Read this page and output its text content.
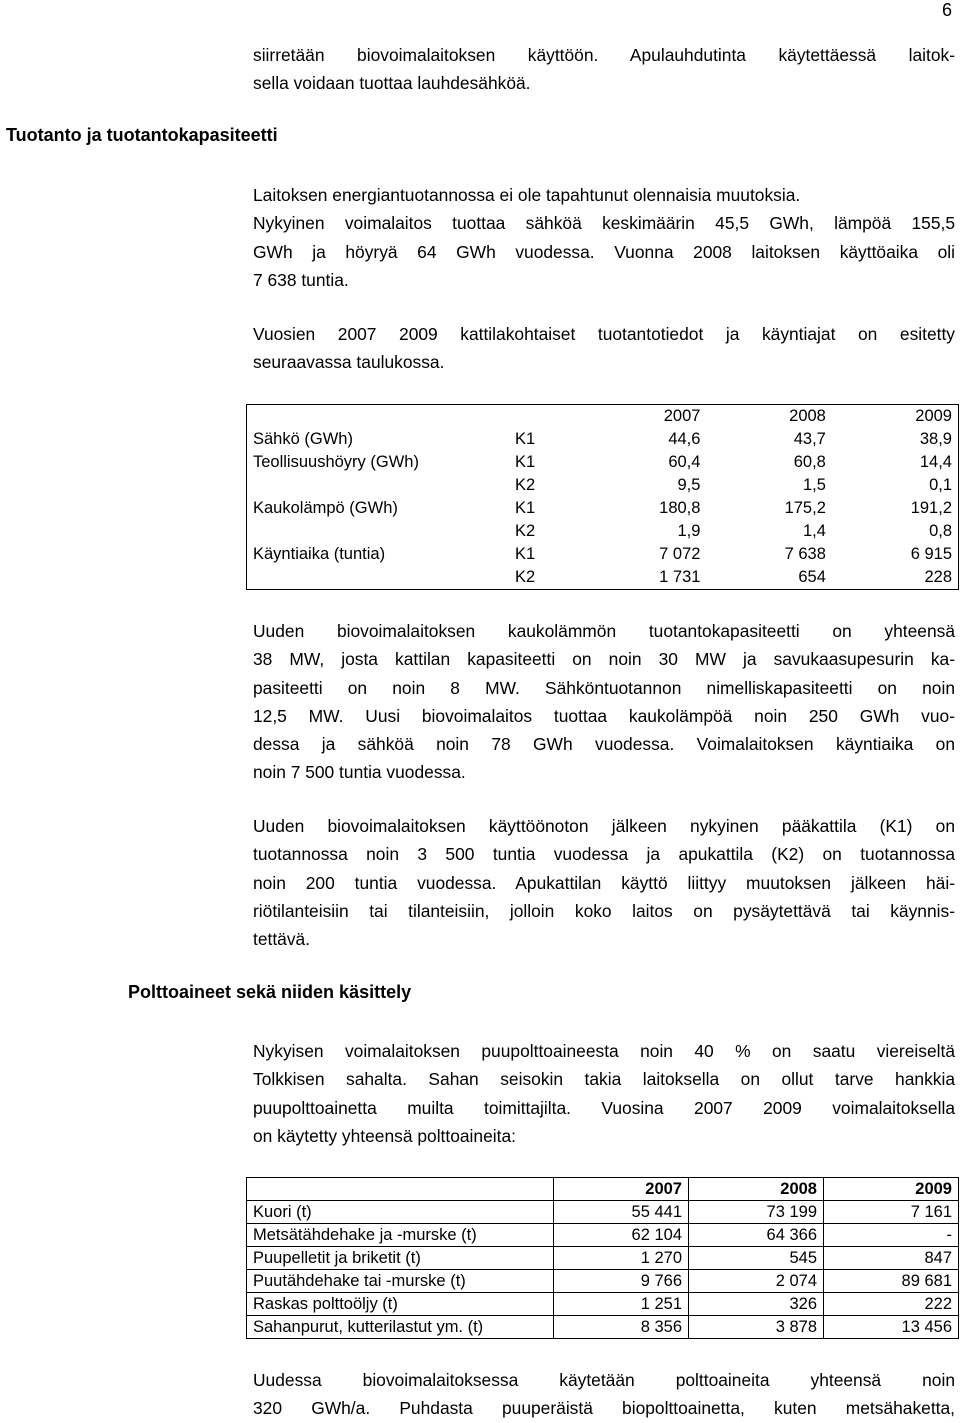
6
siirretään biovoimalaitoksen käyttöön. Apulauhdutinta käytettäessä laitok-
sella voidaan tuottaa lauhdesähköä.
Tuotanto ja tuotantokapasiteetti
Laitoksen energiantuotannossa ei ole tapahtunut olennaisia muutoksia.
Nykyinen voimalaitos tuottaa sähköä keskimäärin 45,5 GWh, lämpöä 155,5
GWh ja höyryä 64 GWh vuodessa. Vuonna 2008 laitoksen käyttöaika oli
7 638 tuntia.
Vuosien 2007 2009 kattilakohtaiset tuotantotiedot ja käyntiajat on esitetty
seuraavassa taulukossa.
		2007	2008	2009
Sähkö (GWh)	K1	44,6	43,7	38,9
Teollisuushöyry (GWh)	K1	60,4	60,8	14,4
	K2	9,5	1,5	0,1
Kaukolämpö (GWh)	K1	180,8	175,2	191,2
	K2	1,9	1,4	0,8
Käyntiaika (tuntia)	K1	7 072	7 638	6 915
	K2	1 731	654	228
Uuden biovoimalaitoksen kaukolämmön tuotantokapasiteetti on yhteensä
38 MW, josta kattilan kapasiteetti on noin 30 MW ja savukaasupesurin ka-
pasiteetti on noin 8 MW. Sähköntuotannon nimelliskapasiteetti on noin
12,5 MW. Uusi biovoimalaitos tuottaa kaukolämpöä noin 250 GWh vuo-
dessa ja sähköä noin 78 GWh vuodessa. Voimalaitoksen käyntiaika on
noin 7 500 tuntia vuodessa.
Uuden biovoimalaitoksen käyttöönoton jälkeen nykyinen pääkattila (K1) on
tuotannossa noin 3 500 tuntia vuodessa ja apukattila (K2) on tuotannossa
noin 200 tuntia vuodessa. Apukattilan käyttö liittyy muutoksen jälkeen häi-
riötilanteisiin tai tilanteisiin, jolloin koko laitos on pysäytettävä tai käynnis-
tettävä.
Polttoaineet sekä niiden käsittely
Nykyisen voimalaitoksen puupolttoaineesta noin 40 % on saatu viereiseltä
Tolkkisen sahalta. Sahan seisokin takia laitoksella on ollut tarve hankkia
puupolttoainetta muilta toimittajilta. Vuosina 2007 2009 voimalaitoksella
on käytetty yhteensä polttoaineita:
	2007	2008	2009
Kuori (t)	55 441	73 199	7 161
Metsätähdehake ja -murske (t)	62 104	64 366	-
Puupelletit ja briketit (t)	1 270	545	847
Puutähdehake tai -murske (t)	9 766	2 074	89 681
Raskas polttoöljy (t)	1 251	326	222
Sahanpurut, kutterilastut ym. (t)	8 356	3 878	13 456
Uudessa biovoimalaitoksessa käytetään polttoaineita yhteensä noin
320 GWh/a. Puhdasta puuperäistä biopolttoainetta, kuten metsähaketta,
